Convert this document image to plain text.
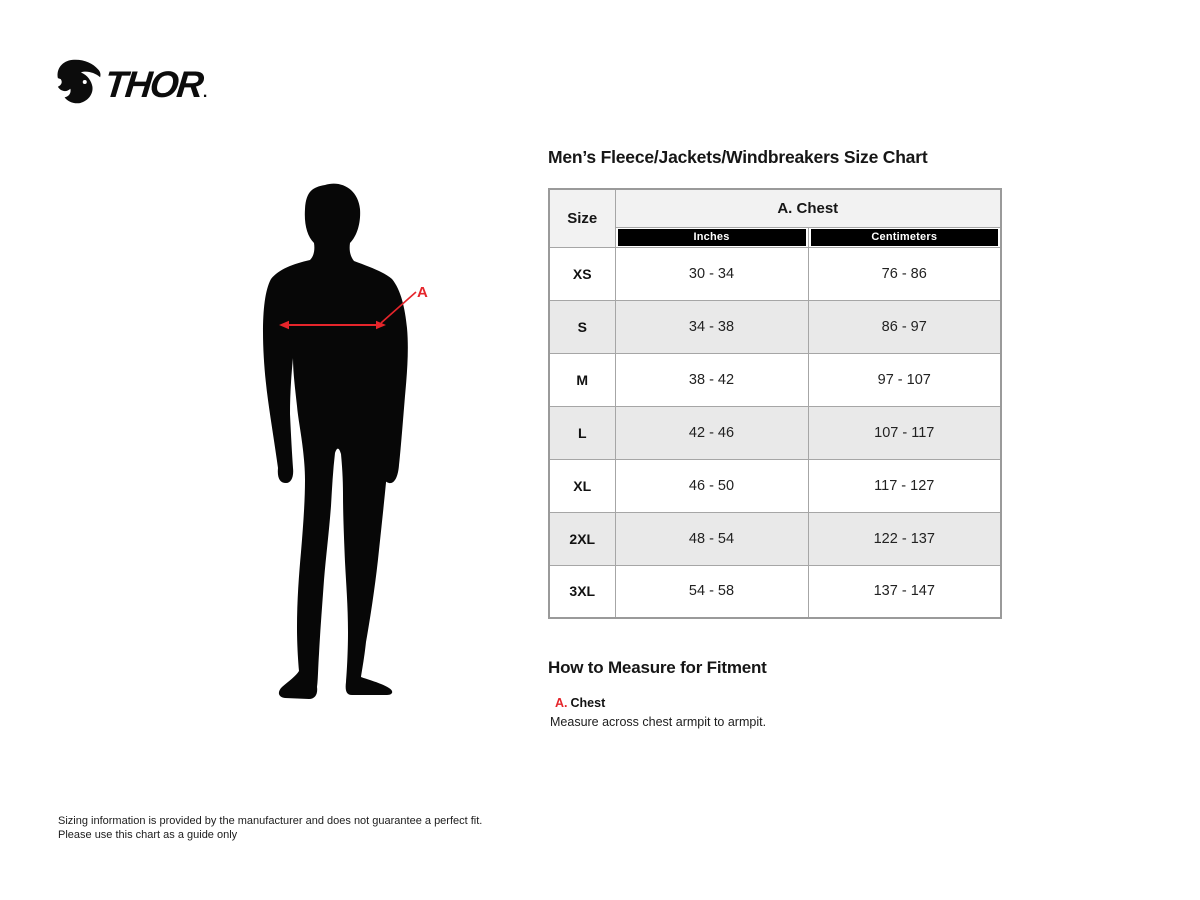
THOR .
A
Men’s Fleece/Jackets/Windbreakers Size Chart
Size	A. Chest	

Inches	Centimeters

XS	30 - 34	76 - 86
S	34 - 38	86 - 97
M	38 - 42	97 - 107
L	42 - 46	107 - 117
XL	46 - 50	117 - 127
2XL	48 - 54	122 - 137
3XL	54 - 58	137 - 147
How to Measure for Fitment
A. Chest
Measure across chest armpit to armpit.
Sizing information is provided by the manufacturer and does not guarantee a perfect fit.
Please use this chart as a guide only
